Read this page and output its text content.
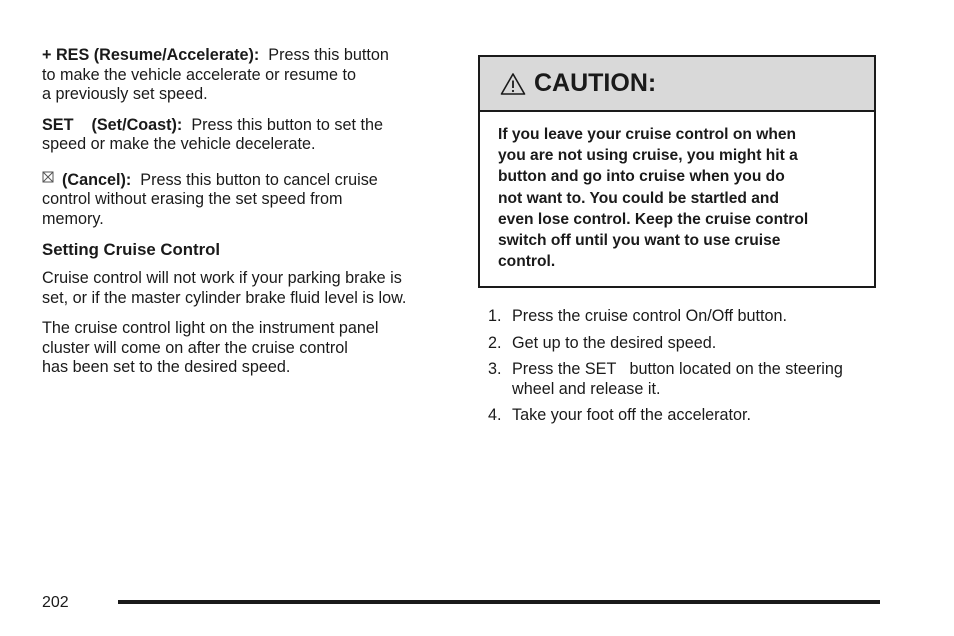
+ RES (Resume/Accelerate): Press this button

to make the vehicle accelerate or resume to

a previously set speed.

SET (Set/Coast): Press this button to set the

speed or make the vehicle decelerate.

(Cancel): Press this button to cancel cruise

control without erasing the set speed from

memory.

Setting Cruise Control

Cruise control will not work if your parking brake is

set, or if the master cylinder brake fluid level is low.

The cruise control light on the instrument panel

cluster will come on after the cruise control

has been set to the desired speed.

CAUTION:
If you leave your cruise control on when
you are not using cruise, you might hit a
button and go into cruise when you do
not want to. You could be startled and
even lose control. Keep the cruise control
switch off until you want to use cruise
control.
1. Press the cruise control On/Off button.
2. Get up to the desired speed.
3. Press the SET   button located on the steering
wheel and release it.
4. Take your foot off the accelerator.
202
